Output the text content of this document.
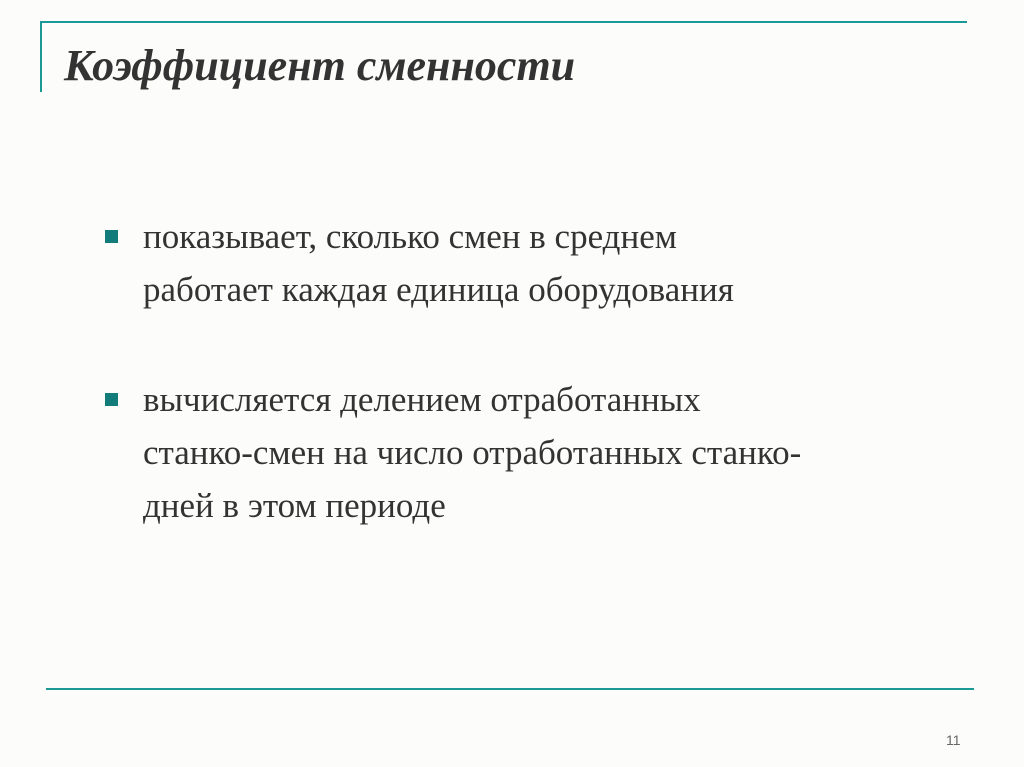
Коэффициент сменности
показывает, сколько смен в среднем
работает каждая единица оборудования
вычисляется делением отработанных
станко-смен на число отработанных станко-
дней в этом периоде
11
